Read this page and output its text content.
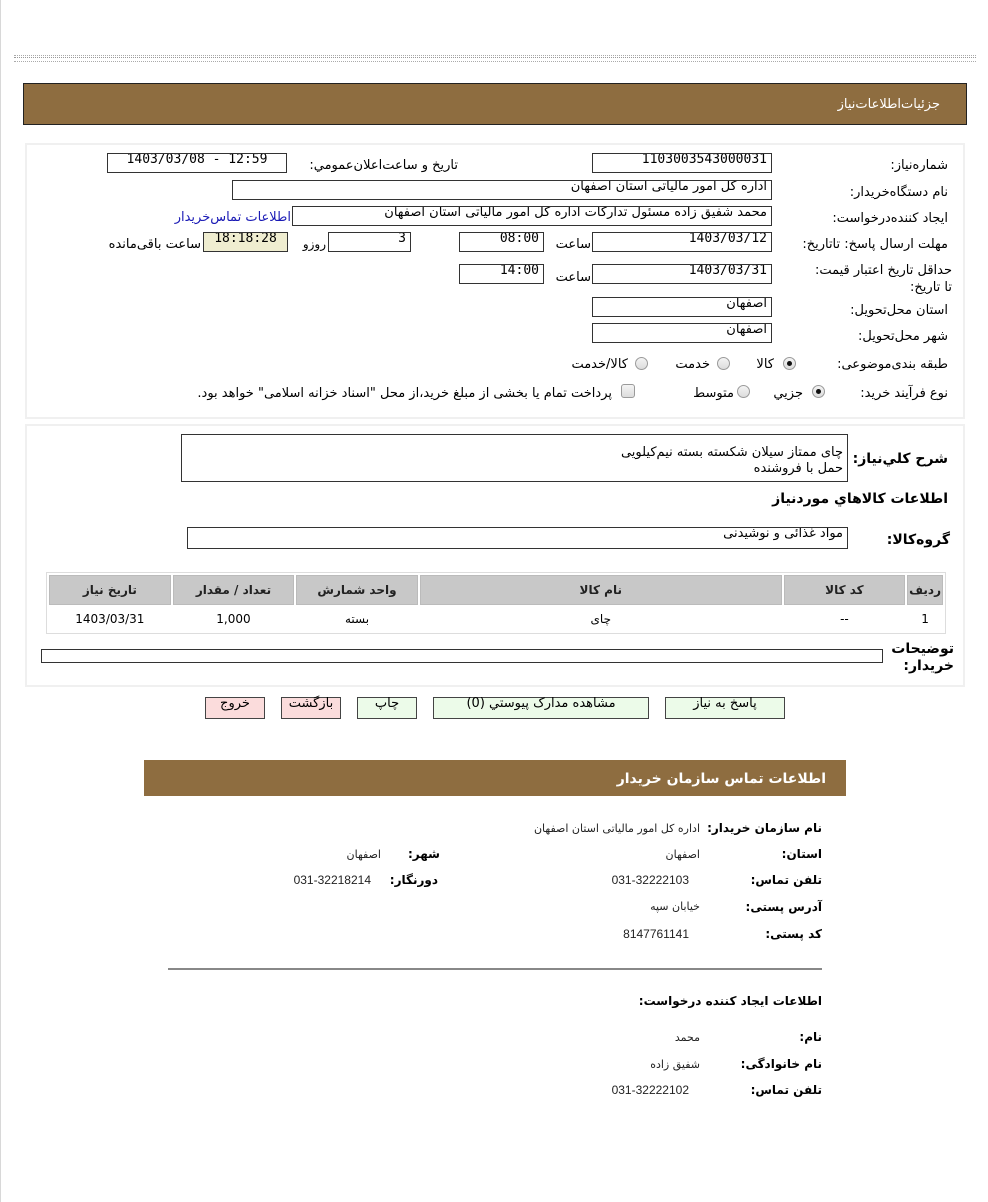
جزئیات‌اطلاعات‌نیاز
شماره‌نیاز:
1103003543000031
تاريخ و ساعت‌اعلان‌عمومي:
1403/03/08 - 12:59
نام دستگاه‌خریدار:
اداره کل امور مالیاتی استان اصفهان
ایجاد کننده‌درخواست:
محمد شفیق زاده مسئول تدارکات اداره کل امور مالیاتی استان اصفهان
اطلاعات تماس‌خریدار
مهلت ارسال پاسخ: تاتاریخ:
1403/03/12
ساعت
08:00
3
روزو
18:18:28
ساعت باقی‌مانده
حداقل تاریخ اعتبار قیمت: تا تاریخ:
1403/03/31
ساعت
14:00
استان محل‌تحویل:
اصفهان
شهر محل‌تحویل:
اصفهان
طبقه بندی‌موضوعی:
کالا
خدمت
کالا/خدمت
نوع فرآیند خرید:
جزيي
متوسط
پرداخت تمام یا بخشی از مبلغ خرید،از محل "اسناد خزانه اسلامی" خواهد بود.
شرح کلي‌نياز:
چای ممتاز سیلان شکسته بسته نیم‌کیلویی
حمل با فروشنده
اطلاعات کالاهاي موردنياز
گروه‌کالا:
مواد غذائی و نوشیدنی
رديف	کد کالا	نام کالا	واحد شمارش	تعداد / مقدار	تاریخ نیاز
1	--	چای	بسته	1,000	1403/03/31
توضیحات خریدار:
پاسخ به نیاز
مشاهده مدارک پیوستي (0)
چاپ
بازگشت
خروج
اطلاعات تماس سازمان خریدار
نام سازمان خریدار:
اداره کل امور مالیاتی استان اصفهان
استان:
اصفهان
شهر:
اصفهان
تلفن تماس:
031-32222103
دورنگار:
031-32218214
آدرس پستی:
خیابان سپه
کد پستی:
8147761141
اطلاعات ایجاد کننده درخواست:
نام:
محمد
نام خانوادگی:
شفیق زاده
تلفن تماس:
031-32222102
